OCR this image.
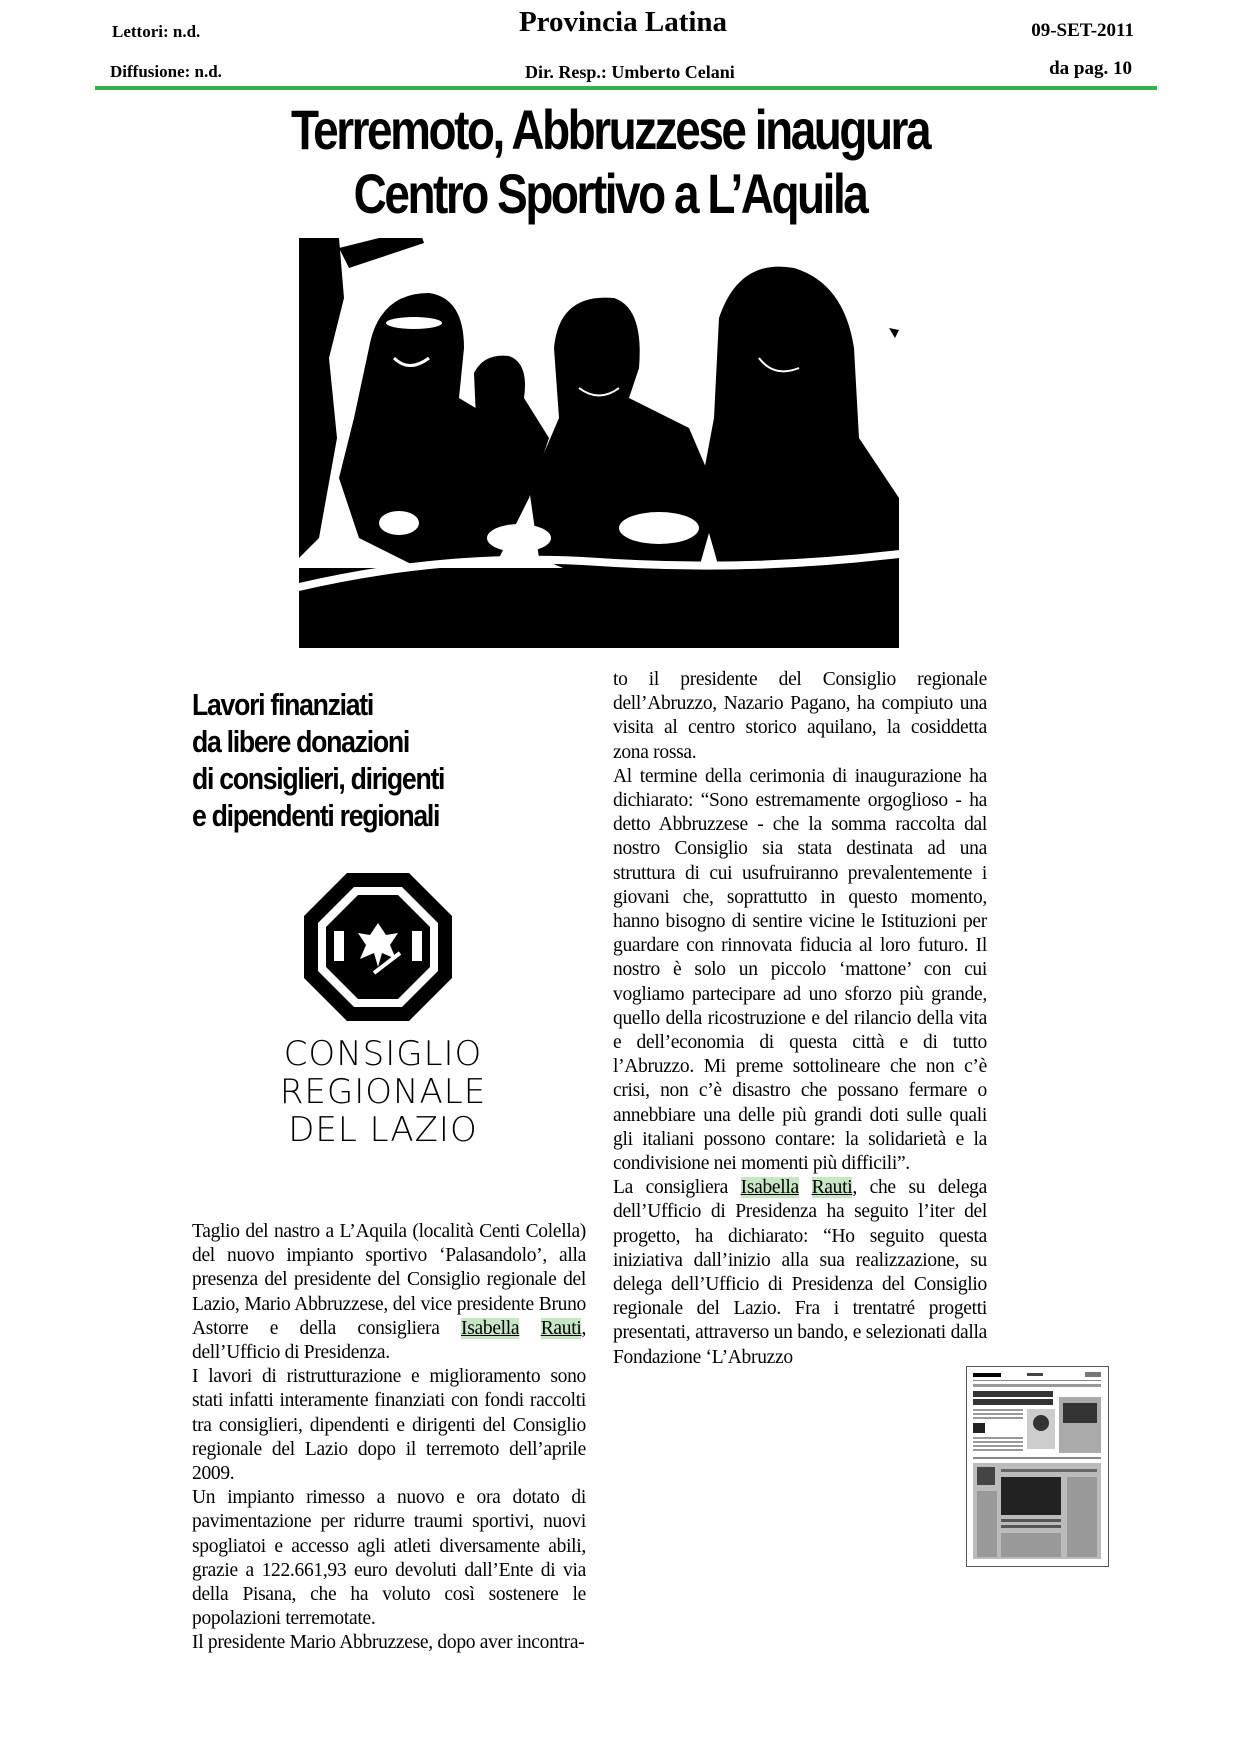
Lettori: n.d.
Diffusione: n.d.
Provincia Latina
Dir. Resp.: Umberto Celani
09-SET-2011
da pag. 10
Terremoto, Abbruzzese inaugura
Centro Sportivo a L’Aquila
Lavori finanziati
da libere donazioni
di consiglieri, dirigenti
e dipendenti regionali
CONSIGLIO
REGIONALE
DEL LAZIO

Taglio del nastro a L’Aquila (località Centi Colella) del nuovo impianto sportivo ‘Palasandolo’, alla presenza del presidente del Consiglio regionale del Lazio, Mario Abbruzzese, del vice presidente Bruno Astorre e della consigliera Isabella Rauti, dell’Ufficio di Presidenza.

I lavori di ristrutturazione e miglioramento sono stati infatti interamente finanziati con fondi raccolti tra consiglieri, dipendenti e dirigenti del Consiglio regionale del Lazio dopo il terremoto dell’aprile 2009.

Un impianto rimesso a nuovo e ora dotato di pavimentazione per ridurre traumi sportivi, nuovi spogliatoi e accesso agli atleti diversamente abili, grazie a 122.661,93 euro devoluti dall’Ente di via della Pisana, che ha voluto così sostenere le popolazioni terremotate.

Il presidente Mario Abbruzzese, dopo aver incontra-

to il presidente del Consiglio regionale dell’Abruzzo, Nazario Pagano, ha compiuto una visita al centro storico aquilano, la cosiddetta zona rossa.

Al termine della cerimonia di inaugurazione ha dichiarato: “Sono estremamente orgoglioso - ha detto Abbruzzese - che la somma raccolta dal nostro Consiglio sia stata destinata ad una struttura di cui usufruiranno prevalentemente i giovani che, soprattutto in questo momento, hanno bisogno di sentire vicine le Istituzioni per guardare con rinnovata fiducia al loro futuro. Il nostro è solo un piccolo ‘mattone’ con cui vogliamo partecipare ad uno sforzo più grande, quello della ricostruzione e del rilancio della vita e dell’economia di questa città e di tutto l’Abruzzo. Mi preme sottolineare che non c’è crisi, non c’è disastro che possano fermare o annebbiare una delle più grandi doti sulle quali gli italiani possono contare: la solidarietà e la condivisione nei momenti più difficili”.

La consigliera Isabella Rauti, che su delega dell’Ufficio di Presidenza ha seguito l’iter del progetto, ha dichiarato: “Ho seguito questa iniziativa dall’inizio alla sua realizzazione, su delega dell’Ufficio di Presidenza del Consiglio regionale del Lazio. Fra i trentatré progetti presentati, attraverso un bando, e selezionati dalla Fondazione ‘L’Abruzzo
